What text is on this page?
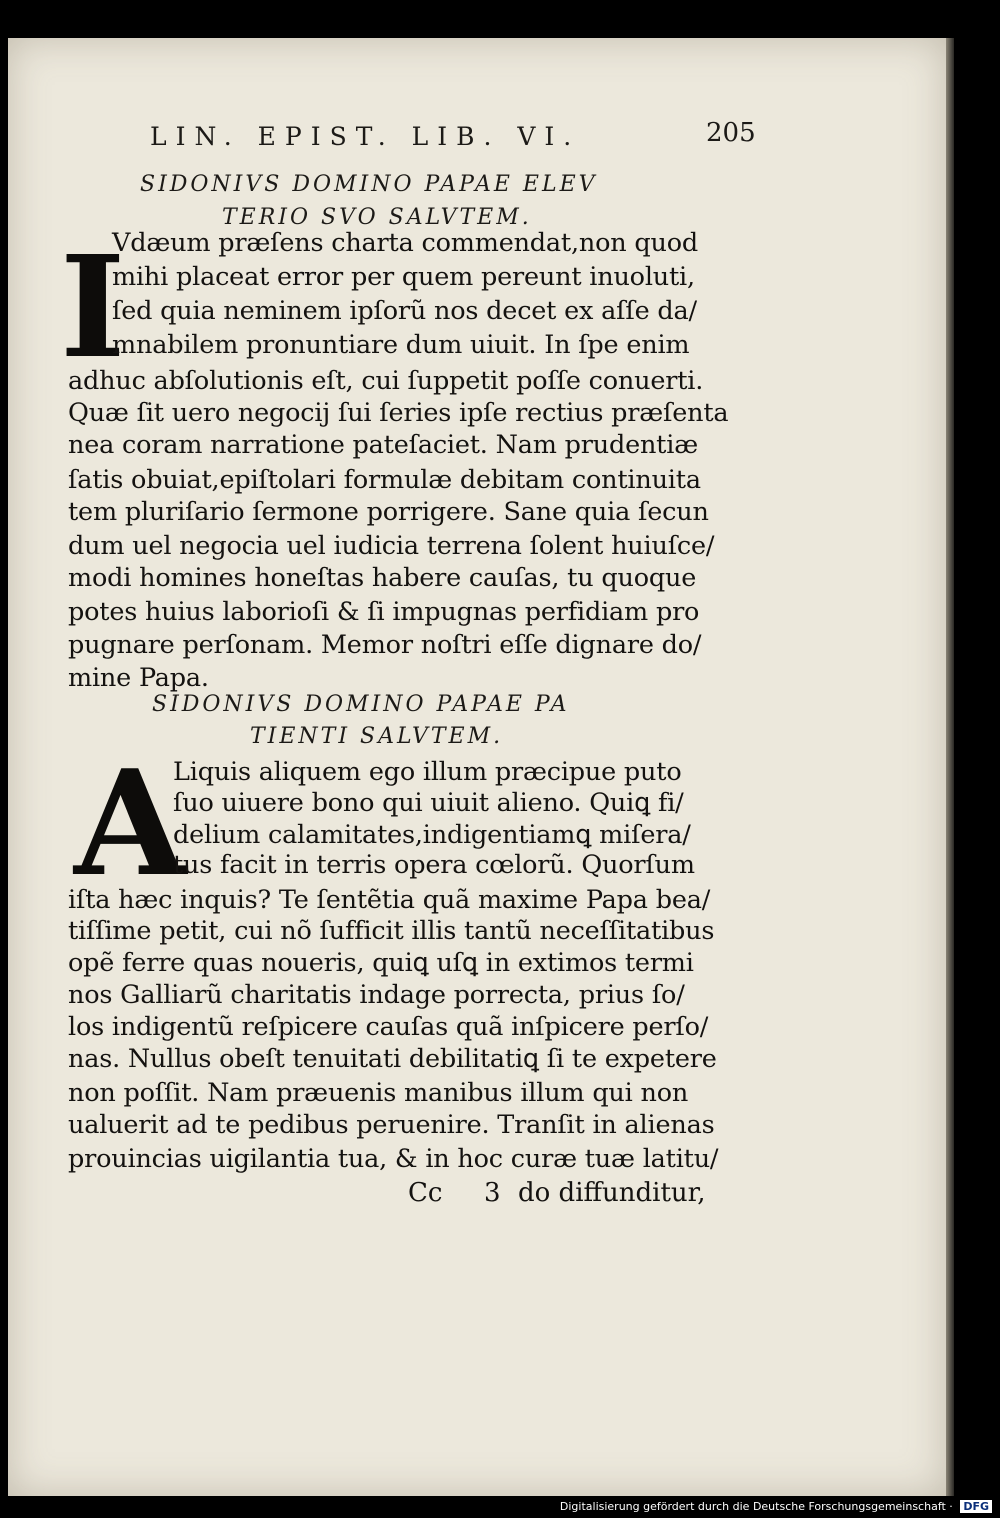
LIN. EPIST. LIB. VI.	205
SIDONIVS DOMINO PAPAE ELEV
TERIO SVO SALVTEM.
I
Vdæum præſens charta commendat,non quod
mihi placeat error per quem pereunt inuoluti,
ſed quia neminem ipſorũ nos decet ex aſſe da/
mnabilem pronuntiare dum uiuit. In ſpe enim
adhuc abſolutionis eſt, cui ſuppetit poſſe conuerti.
Quæ ſit uero negocij ſui ſeries ipſe rectius præſenta
nea coram narratione pateſaciet. Nam prudentiæ
ſatis obuiat,epiſtolari formulæ debitam continuita
tem pluriſario ſermone porrigere. Sane quia ſecun
dum uel negocia uel iudicia terrena ſolent huiuſce/
modi homines honeſtas habere cauſas, tu quoque
potes huius laborioſi & ſi impugnas perfidiam pro
pugnare perſonam. Memor noſtri eſſe dignare do/
mine Papa.
SIDONIVS DOMINO PAPAE PA
TIENTI SALVTEM.
A
Liquis aliquem ego illum præcipue puto
ſuo uiuere bono qui uiuit alieno. Quiꝗ fi/
delium calamitates,indigentiamꝗ miſera/
tus facit in terris opera cœlorũ. Quorſum
iſta hæc inquis? Te ſentẽtia quã maxime Papa bea/
tiſſime petit, cui nõ ſufficit illis tantũ neceſſitatibus
opẽ ferre quas noueris, quiꝗ uſꝗ in extimos termi
nos Galliarũ charitatis indage porrecta, prius ſo/
los indigentũ reſpicere cauſas quã inſpicere perſo/
nas. Nullus obeſt tenuitati debilitatiꝗ ſi te expetere
non poſſit. Nam præuenis manibus illum qui non
ualuerit ad te pedibus peruenire. Tranſit in alienas
prouincias uigilantia tua, & in hoc curæ tuæ latitu/
Cc 3 do diffunditur,
Digitalisierung gefördert durch die Deutsche Forschungsgemeinschaft · DFG
